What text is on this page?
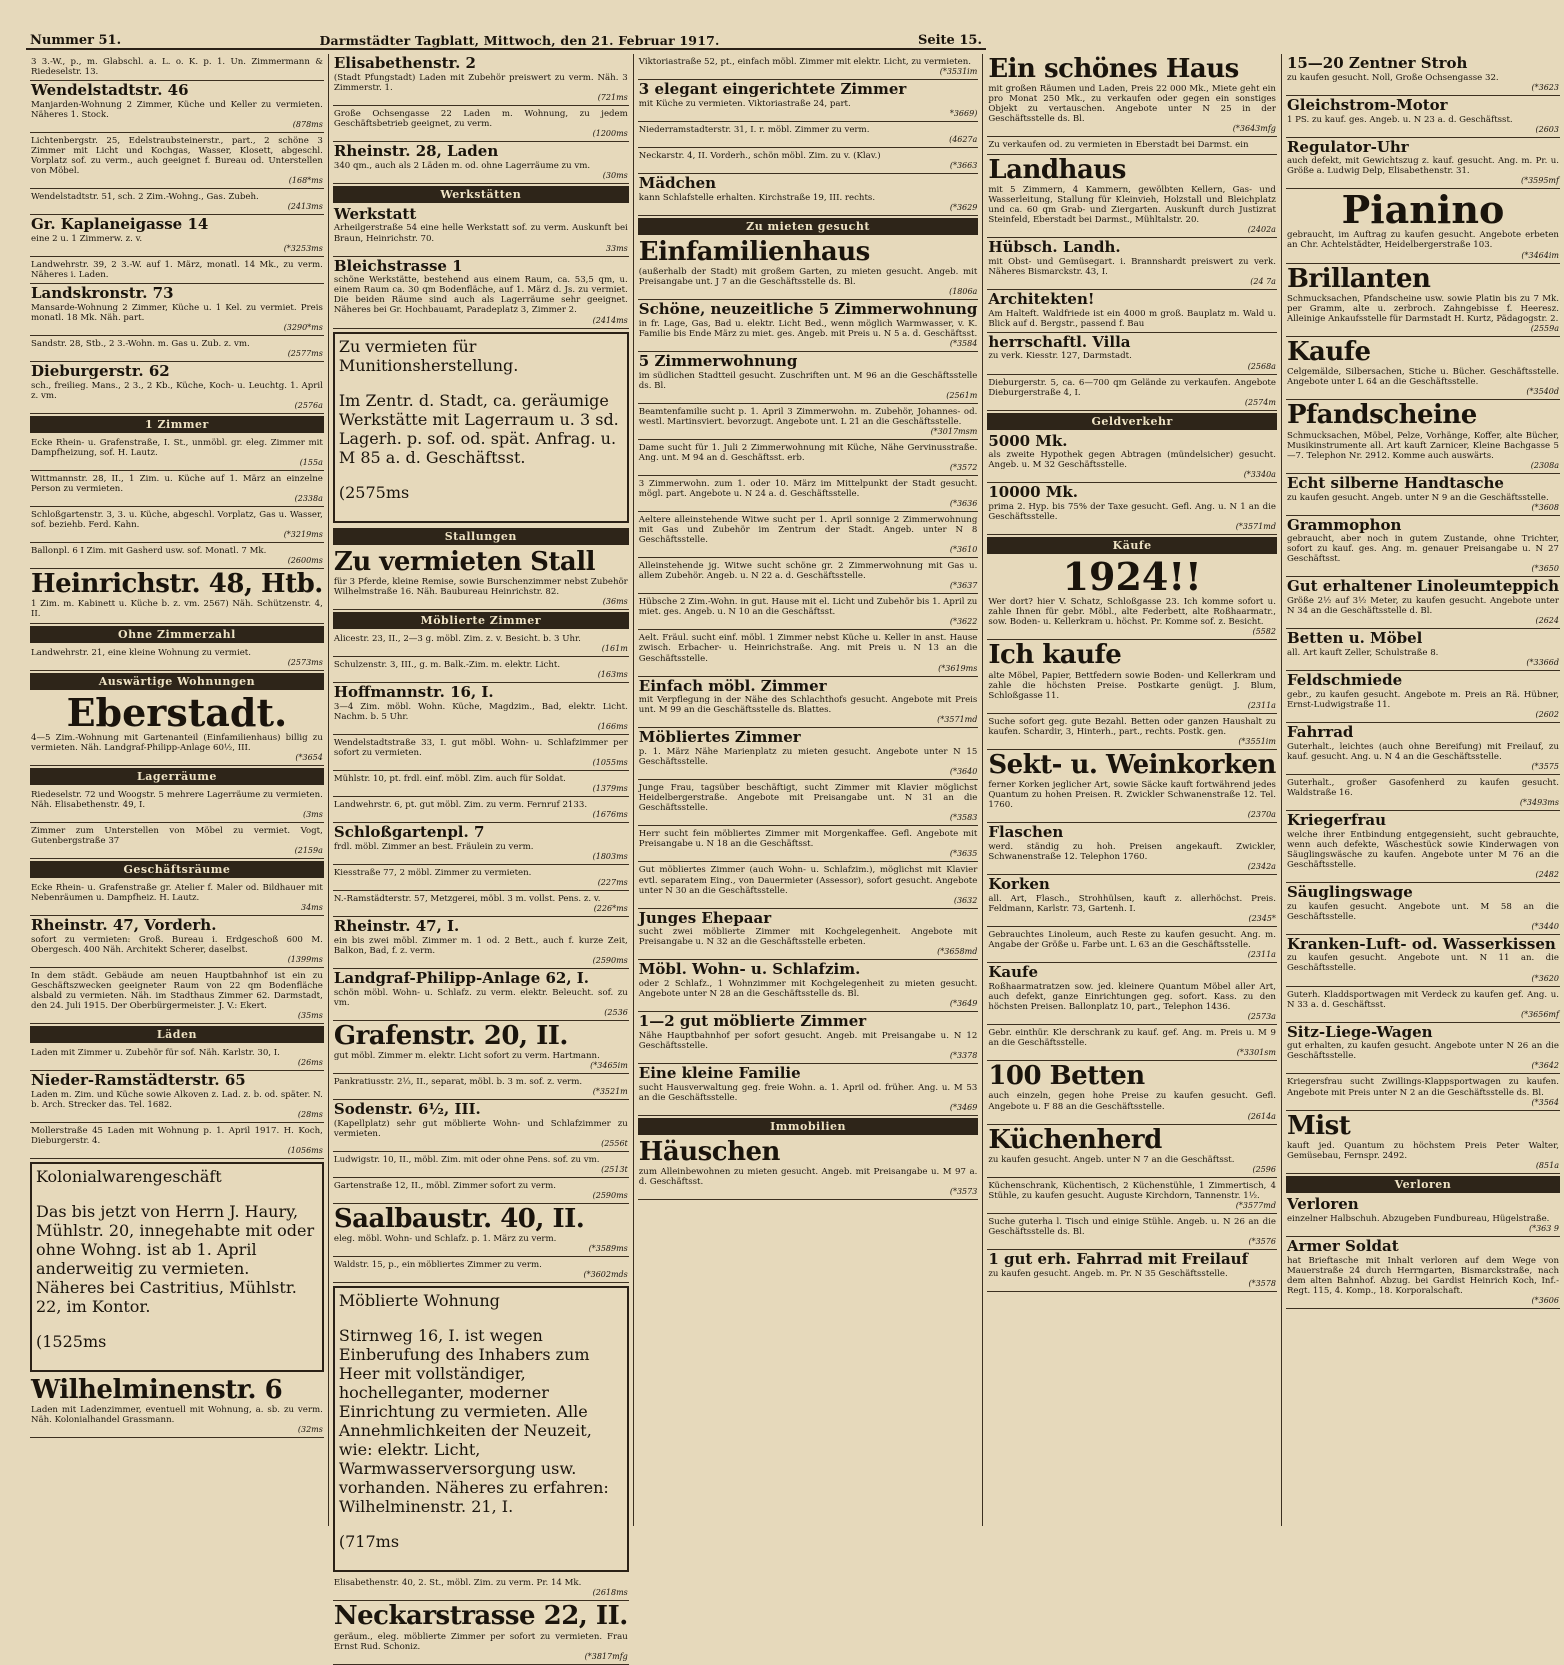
Nummer 51.	Darmstädter Tagblatt, Mittwoch, den 21. Februar 1917.	Seite 15.

3 3.-W., p., m. Glabschl. a. L. o. K. p. 1. Un. Zimmermann & Riedeselstr. 13.

Wendelstadtstr. 46

Manjarden-Wohnung 2 Zimmer, Küche und Keller zu vermieten. Näheres 1. Stock.

(878ms

Lichtenbergstr. 25, Edelstraubsteinerstr., part., 2 schöne 3 Zimmer mit Licht und Kochgas, Wasser, Klosett, abgeschl. Vorplatz sof. zu verm., auch geeignet f. Bureau od. Unterstellen von Möbel.

(168*ms

Wendelstadtstr. 51, sch. 2 Zim.-Wohng., Gas. Zubeh.

(2413ms

Gr. Kaplaneigasse 14

eine 2 u. 1 Zimmerw. z. v.

(*3253ms

Landwehrstr. 39, 2 3.-W. auf 1. März, monatl. 14 Mk., zu verm. Näheres i. Laden.

Landskronstr. 73

Mansarde-Wohnung 2 Zimmer, Küche u. 1 Kel. zu vermiet. Preis monatl. 18 Mk. Näh. part.

(3290*ms

Sandstr. 28, Stb., 2 3.-Wohn. m. Gas u. Zub. z. vm.

(2577ms

Dieburgerstr. 62

sch., freilieg. Mans., 2 3., 2 Kb., Küche, Koch- u. Leuchtg. 1. April z. vm.

(2576a

1 Zimmer

Ecke Rhein- u. Grafenstraße, I. St., unmöbl. gr. eleg. Zimmer mit Dampfheizung, sof. H. Lautz.

(155a

Wittmannstr. 28, II., 1 Zim. u. Küche auf 1. März an einzelne Person zu vermieten.

(2338a

Schloßgartenstr. 3, 3. u. Küche, abgeschl. Vorplatz, Gas u. Wasser, sof. beziehb. Ferd. Kahn.

(*3219ms

Ballonpl. 6 I Zim. mit Gasherd usw. sof. Monatl. 7 Mk.

(2600ms

Heinrichstr. 48, Htb.

1 Zim. m. Kabinett u. Küche b. z. vm. 2567) Näh. Schützenstr. 4, II.

Ohne Zimmerzahl

Landwehrstr. 21, eine kleine Wohnung zu vermiet.

(2573ms

Auswärtige Wohnungen
Eberstadt.

4—5 Zim.-Wohnung mit Gartenanteil (Einfamilienhaus) billig zu vermieten. Näh. Landgraf-Philipp-Anlage 60½, III.

(*3654

Lagerräume

Riedeselstr. 72 und Woogstr. 5 mehrere Lagerräume zu vermieten. Näh. Elisabethenstr. 49, I.

(3ms

Zimmer zum Unterstellen von Möbel zu vermiet. Vogt, Gutenbergstraße 37

(2159a

Geschäftsräume

Ecke Rhein- u. Grafenstraße gr. Atelier f. Maler od. Bildhauer mit Nebenräumen u. Dampfheiz. H. Lautz.

34ms

Rheinstr. 47, Vorderh.

sofort zu vermieten: Groß. Bureau i. Erdgeschoß 600 M. Obergesch. 400 Näh. Architekt Scherer, daselbst.

(1399ms

In dem städt. Gebäude am neuen Hauptbahnhof ist ein zu Geschäftszwecken geeigneter Raum von 22 qm Bodenfläche alsbald zu vermieten. Näh. im Stadthaus Zimmer 62. Darmstadt, den 24. Juli 1915. Der Oberbürgermeister. J. V.: Ekert.

(35ms

Läden

Laden mit Zimmer u. Zubehör für sof. Näh. Karlstr. 30, I.

(26ms

Nieder-Ramstädterstr. 65

Laden m. Zim. und Küche sowie Alkoven z. Lad. z. b. od. später. N. b. Arch. Strecker das. Tel. 1682.

(28ms

Mollerstraße 45 Laden mit Wohnung p. 1. April 1917. H. Koch, Dieburgerstr. 4.

(1056ms

Kolonialwarengeschäft

Das bis jetzt von Herrn J. Haury, Mühlstr. 20, innegehabte mit oder ohne Wohng. ist ab 1. April anderweitig zu vermieten. Näheres bei Castritius, Mühlstr. 22, im Kontor.

(1525ms

Wilhelminenstr. 6

Laden mit Ladenzimmer, eventuell mit Wohnung, a. sb. zu verm. Näh. Kolonialhandel Grassmann.

(32ms

Elisabethenstr. 2

(Stadt Pfungstadt) Laden mit Zubehör preiswert zu verm. Näh. 3 Zimmerstr. 1.

(721ms

Große Ochsengasse 22 Laden m. Wohnung, zu jedem Geschäftsbetrieb geeignet, zu verm.

(1200ms

Rheinstr. 28, Laden

340 qm., auch als 2 Läden m. od. ohne Lagerräume zu vm.

(30ms

Werkstätten
Werkstatt

Arheilgerstraße 54 eine helle Werkstatt sof. zu verm. Auskunft bei Braun, Heinrichstr. 70.

33ms

Bleichstrasse 1

schöne Werkstätte, bestehend aus einem Raum, ca. 53,5 qm, u. einem Raum ca. 30 qm Bodenfläche, auf 1. März d. Js. zu vermiet. Die beiden Räume sind auch als Lagerräume sehr geeignet. Näheres bei Gr. Hochbauamt, Paradeplatz 3, Zimmer 2.

(2414ms

Zu vermieten für Munitionsherstellung.

Im Zentr. d. Stadt, ca. geräumige Werkstätte mit Lagerraum u. 3 sd. Lagerh. p. sof. od. spät. Anfrag. u. M 85 a. d. Geschäftsst.

(2575ms

Stallungen
Zu vermieten Stall

für 3 Pferde, kleine Remise, sowie Burschenzimmer nebst Zubehör Wilhelmstraße 16. Näh. Baubureau Heinrichstr. 82.

(36ms

Möblierte Zimmer

Alicestr. 23, II., 2—3 g. möbl. Zim. z. v. Besicht. b. 3 Uhr.

(161m

Schulzenstr. 3, III., g. m. Balk.-Zim. m. elektr. Licht.

(163ms

Hoffmannstr. 16, I.

3—4 Zim. möbl. Wohn. Küche, Magdzim., Bad, elektr. Licht. Nachm. b. 5 Uhr.

(166ms

Wendelstadtstraße 33, I. gut möbl. Wohn- u. Schlafzimmer per sofort zu vermieten.

(1055ms

Mühlstr. 10, pt. frdl. einf. möbl. Zim. auch für Soldat.

(1379ms

Landwehrstr. 6, pt. gut möbl. Zim. zu verm. Fernruf 2133.

(1676ms

Schloßgartenpl. 7

frdl. möbl. Zimmer an best. Fräulein zu verm.

(1803ms

Kiesstraße 77, 2 möbl. Zimmer zu vermieten.

(227ms

N.-Ramstädterstr. 57, Metzgerei, möbl. 3 m. vollst. Pens. z. v.

(226*ms

Rheinstr. 47, I.

ein bis zwei möbl. Zimmer m. 1 od. 2 Bett., auch f. kurze Zeit, Balkon, Bad, f. z. verm.

(2590ms

Landgraf-Philipp-Anlage 62, I.

schön möbl. Wohn- u. Schlafz. zu verm. elektr. Beleucht. sof. zu vm.

(2536

Grafenstr. 20, II.

gut möbl. Zimmer m. elektr. Licht sofort zu verm. Hartmann.

(*3465im

Pankratiusstr. 2⅓, II., separat, möbl. b. 3 m. sof. z. verm.

(*3521m

Sodenstr. 6½, III.

(Kapellplatz) sehr gut möblierte Wohn- und Schlafzimmer zu vermieten.

(2556t

Ludwigstr. 10, II., möbl. Zim. mit oder ohne Pens. sof. zu vm.

(2513t

Gartenstraße 12, II., möbl. Zimmer sofort zu verm.

(2590ms

Saalbaustr. 40, II.

eleg. möbl. Wohn- und Schlafz. p. 1. März zu verm.

(*3589ms

Waldstr. 15, p., ein möbliertes Zimmer zu verm.

(*3602mds

Möblierte Wohnung

Stirnweg 16, I. ist wegen Einberufung des Inhabers zum Heer mit vollständiger, hochelleganter, moderner Einrichtung zu vermieten. Alle Annehmlichkeiten der Neuzeit, wie: elektr. Licht, Warmwasserversorgung usw. vorhanden. Näheres zu erfahren: Wilhelminenstr. 21, I.

(717ms

Elisabethenstr. 40, 2. St., möbl. Zim. zu verm. Pr. 14 Mk.

(2618ms

Neckarstrasse 22, II.

geräum., eleg. möblierte Zimmer per sofort zu vermieten. Frau Ernst Rud. Schoniz.

(*3817mfg

Viktoriastraße 52, pt., einfach möbl. Zimmer mit elektr. Licht, zu vermieten.

(*3531im

3 elegant eingerichtete Zimmer

mit Küche zu vermieten. Viktoriastraße 24, part.

*3669)

Niederramstadterstr. 31, I. r. möbl. Zimmer zu verm.

(4627a

Neckarstr. 4, II. Vorderh., schön möbl. Zim. zu v. (Klav.)

(*3663

Mädchen

kann Schlafstelle erhalten. Kirchstraße 19, III. rechts.

(*3629

Zu mieten gesucht
Einfamilienhaus

(außerhalb der Stadt) mit großem Garten, zu mieten gesucht. Angeb. mit Preisangabe unt. J 7 an die Geschäftsstelle ds. Bl.

(1806a

Schöne, neuzeitliche 5 Zimmerwohnung

in fr. Lage, Gas, Bad u. elektr. Licht Bed., wenn möglich Warmwasser, v. K. Familie bis Ende März zu miet. ges. Angeb. mit Preis u. N 5 a. d. Geschäftsst.

(*3584

5 Zimmerwohnung

im südlichen Stadtteil gesucht. Zuschriften unt. M 96 an die Geschäftsstelle ds. Bl.

(2561m

Beamtenfamilie sucht p. 1. April 3 Zimmerwohn. m. Zubehör, Johannes- od. westl. Martinsviert. bevorzugt. Angebote unt. L 21 an die Geschäftsstelle.

(*3017msm

Dame sucht für 1. Juli 2 Zimmerwohnung mit Küche, Nähe Gervinusstraße. Ang. unt. M 94 an d. Geschäftsst. erb.

(*3572

3 Zimmerwohn. zum 1. oder 10. März im Mittelpunkt der Stadt gesucht. mögl. part. Angebote u. N 24 a. d. Geschäftsstelle.

(*3636

Aeltere alleinstehende Witwe sucht per 1. April sonnige 2 Zimmerwohnung mit Gas und Zubehör im Zentrum der Stadt. Angeb. unter N 8 Geschäftsstelle.

(*3610

Alleinstehende jg. Witwe sucht schöne gr. 2 Zimmerwohnung mit Gas u. allem Zubehör. Angeb. u. N 22 a. d. Geschäftsstelle.

(*3637

Hübsche 2 Zim.-Wohn. in gut. Hause mit el. Licht und Zubehör bis 1. April zu miet. ges. Angeb. u. N 10 an die Geschäftsst.

(*3622

Aelt. Fräul. sucht einf. möbl. 1 Zimmer nebst Küche u. Keller in anst. Hause zwisch. Erbacher- u. Heinrichstraße. Ang. mit Preis u. N 13 an die Geschäftsstelle.

(*3619ms

Einfach möbl. Zimmer

mit Verpflegung in der Nähe des Schlachthofs gesucht. Angebote mit Preis unt. M 99 an die Geschäftsstelle ds. Blattes.

(*3571md

Möbliertes Zimmer

p. 1. März Nähe Marienplatz zu mieten gesucht. Angebote unter N 15 Geschäftsstelle.

(*3640

Junge Frau, tagsüber beschäftigt, sucht Zimmer mit Klavier möglichst Heidelbergerstraße. Angebote mit Preisangabe unt. N 31 an die Geschäftsstelle.

(*3583

Herr sucht fein möbliertes Zimmer mit Morgenkaffee. Gefl. Angebote mit Preisangabe u. N 18 an die Geschäftsst.

(*3635

Gut möbliertes Zimmer (auch Wohn- u. Schlafzim.), möglichst mit Klavier evtl. separatem Eing., von Dauermieter (Assessor), sofort gesucht. Angebote unter N 30 an die Geschäftsstelle.

(3632

Junges Ehepaar

sucht zwei möblierte Zimmer mit Kochgelegenheit. Angebote mit Preisangabe u. N 32 an die Geschäftsstelle erbeten.

(*3658md

Möbl. Wohn- u. Schlafzim.

oder 2 Schlafz., 1 Wohnzimmer mit Kochgelegenheit zu mieten gesucht. Angebote unter N 28 an die Geschäftsstelle ds. Bl.

(*3649

1—2 gut möblierte Zimmer

Nähe Hauptbahnhof per sofort gesucht. Angeb. mit Preisangabe u. N 12 Geschäftsstelle.

(*3378

Eine kleine Familie

sucht Hausverwaltung geg. freie Wohn. a. 1. April od. früher. Ang. u. M 53 an die Geschäftsstelle.

(*3469

Immobilien
Häuschen

zum Alleinbewohnen zu mieten gesucht. Angeb. mit Preisangabe u. M 97 a. d. Geschäftsst.

(*3573

Ein schönes Haus

mit großen Räumen und Laden, Preis 22 000 Mk., Miete geht ein pro Monat 250 Mk., zu verkaufen oder gegen ein sonstiges Objekt zu vertauschen. Angebote unter N 25 in der Geschäftsstelle ds. Bl.

(*3643mfg

Zu verkaufen od. zu vermieten in Eberstadt bei Darmst. ein

Landhaus

mit 5 Zimmern, 4 Kammern, gewölbten Kellern, Gas- und Wasserleitung, Stallung für Kleinvieh, Holzstall und Bleichplatz und ca. 60 qm Grab- und Ziergarten. Auskunft durch Justizrat Steinfeld, Eberstadt bei Darmst., Mühltalstr. 20.

(2402a

Hübsch. Landh.

mit Obst- und Gemüsegart. i. Brannshardt preiswert zu verk. Näheres Bismarckstr. 43, I.

(24 7a

Architekten!

Am Halteft. Waldfriede ist ein 4000 m groß. Bauplatz m. Wald u. Blick auf d. Bergstr., passend f. Bau

herrschaftl. Villa

zu verk. Kiesstr. 127, Darmstadt.

(2568a

Dieburgerstr. 5, ca. 6—700 qm Gelände zu verkaufen. Angebote Dieburgerstraße 4, I.

(2574m

Geldverkehr
5000 Mk.

als zweite Hypothek gegen Abtragen (mündelsicher) gesucht. Angeb. u. M 32 Geschäftsstelle.

(*3340a

10000 Mk.

prima 2. Hyp. bis 75% der Taxe gesucht. Gefl. Ang. u. N 1 an die Geschäftsstelle.

(*3571md

Käufe
1924!!

Wer dort? hier V. Schatz, Schloßgasse 23. Ich komme sofort u. zahle Ihnen für gebr. Möbl., alte Federbett, alte Roßhaarmatr., sow. Boden- u. Kellerkram u. höchst. Pr. Komme sof. z. Besicht.

(5582

Ich kaufe

alte Möbel, Papier, Bettfedern sowie Boden- und Kellerkram und zahle die höchsten Preise. Postkarte genügt. J. Blum, Schloßgasse 11.

(2311a

Suche sofort geg. gute Bezahl. Betten oder ganzen Haushalt zu kaufen. Schardir, 3, Hinterh., part., rechts. Postk. gen.

(*3551im

Sekt- u. Weinkorken

ferner Korken jeglicher Art, sowie Säcke kauft fortwährend jedes Quantum zu hohen Preisen. R. Zwickler Schwanenstraße 12. Tel. 1760.

(2370a

Flaschen

werd. ständig zu hoh. Preisen angekauft. Zwickler, Schwanenstraße 12. Telephon 1760.

(2342a

Korken

all. Art, Flasch., Strohhülsen, kauft z. allerhöchst. Preis. Feldmann, Karlstr. 73, Gartenh. I.

(2345*

Gebrauchtes Linoleum, auch Reste zu kaufen gesucht. Ang. m. Angabe der Größe u. Farbe unt. L 63 an die Geschäftsstelle.

(2311a

Kaufe

Roßhaarmatratzen sow. jed. kleinere Quantum Möbel aller Art, auch defekt, ganze Einrichtungen geg. sofort. Kass. zu den höchsten Preisen. Ballonplatz 10, part., Telephon 1436.

(2573a

Gebr. einthür. Kle derschrank zu kauf. gef. Ang. m. Preis u. M 9 an die Geschäftsstelle.

(*3301sm

100 Betten

auch einzeln, gegen hohe Preise zu kaufen gesucht. Gefl. Angebote u. F 88 an die Geschäftsstelle.

(2614a

Küchenherd

zu kaufen gesucht. Angeb. unter N 7 an die Geschäftsst.

(2596

Küchenschrank, Küchentisch, 2 Küchenstühle, 1 Zimmertisch, 4 Stühle, zu kaufen gesucht. Auguste Kirchdorn, Tannenstr. 1½.

(*3577md

Suche guterha l. Tisch und einige Stühle. Angeb. u. N 26 an die Geschäftsstelle ds. Bl.

(*3576

1 gut erh. Fahrrad mit Freilauf

zu kaufen gesucht. Angeb. m. Pr. N 35 Geschäftsstelle.

(*3578

15—20 Zentner Stroh

zu kaufen gesucht. Noll, Große Ochsengasse 32.

(*3623

Gleichstrom-Motor

1 PS. zu kauf. ges. Angeb. u. N 23 a. d. Geschäftsst.

(2603

Regulator-Uhr

auch defekt, mit Gewichtszug z. kauf. gesucht. Ang. m. Pr. u. Größe a. Ludwig Delp, Elisabethenstr. 31.

(*3595mf

Pianino

gebraucht, im Auftrag zu kaufen gesucht. Angebote erbeten an Chr. Achtelstädter, Heidelbergerstraße 103.

(*3464im

Brillanten

Schmucksachen, Pfandscheine usw. sowie Platin bis zu 7 Mk. per Gramm, alte u. zerbroch. Zahngebisse f. Heeresz. Alleinige Ankaufsstelle für Darmstadt H. Kurtz, Pädagogstr. 2.

(2559a

Kaufe

Celgemälde, Silbersachen, Stiche u. Bücher. Geschäftsstelle. Angebote unter L 64 an die Geschäftsstelle.

(*3540d

Pfandscheine

Schmucksachen, Möbel, Pelze, Vorhänge, Koffer, alte Bücher, Musikinstrumente all. Art kauft Zarnicer, Kleine Bachgasse 5—7. Telephon Nr. 2912. Komme auch auswärts.

(2308a

Echt silberne Handtasche

zu kaufen gesucht. Angeb. unter N 9 an die Geschäftsstelle.

(*3608

Grammophon

gebraucht, aber noch in gutem Zustande, ohne Trichter, sofort zu kauf. ges. Ang. m. genauer Preisangabe u. N 27 Geschäftsst.

(*3650

Gut erhaltener Linoleumteppich

Größe 2½ auf 3½ Meter, zu kaufen gesucht. Angebote unter N 34 an die Geschäftsstelle d. Bl.

(2624

Betten u. Möbel

all. Art kauft Zeller, Schulstraße 8.

(*3366d

Feldschmiede

gebr., zu kaufen gesucht. Angebote m. Preis an Rä. Hübner, Ernst-Ludwigstraße 11.

(2602

Fahrrad

Guterhalt., leichtes (auch ohne Bereifung) mit Freilauf, zu kauf. gesucht. Ang. u. N 4 an die Geschäftsstelle.

(*3575

Guterhalt., großer Gasofenherd zu kaufen gesucht. Waldstraße 16.

(*3493ms

Kriegerfrau

welche ihrer Entbindung entgegensieht, sucht gebrauchte, wenn auch defekte, Wäschestück sowie Kinderwagen von Säuglingswäsche zu kaufen. Angebote unter M 76 an die Geschäftsstelle.

(2482

Säuglingswage

zu kaufen gesucht. Angebote unt. M 58 an die Geschäftsstelle.

(*3440

Kranken-Luft- od. Wasserkissen

zu kaufen gesucht. Angebote unt. N 11 an. die Geschäftsstelle.

(*3620

Guterh. Kladdsportwagen mit Verdeck zu kaufen gef. Ang. u. N 33 a. d. Geschäftsst.

(*3656mf

Sitz-Liege-Wagen

gut erhalten, zu kaufen gesucht. Angebote unter N 26 an die Geschäftsstelle.

(*3642

Kriegersfrau sucht Zwillings-Klappsportwagen zu kaufen. Angebote mit Preis unter N 2 an die Geschäftsstelle ds. Bl.

(*3564

Mist

kauft jed. Quantum zu höchstem Preis Peter Walter, Gemüsebau, Fernspr. 2492.

(851a

Verloren
Verloren

einzelner Halbschuh. Abzugeben Fundbureau, Hügelstraße.

(*363 9

Armer Soldat

hat Brieftasche mit Inhalt verloren auf dem Wege von Mauerstraße 24 durch Herrngarten, Bismarckstraße, nach dem alten Bahnhof. Abzug. bei Gardist Heinrich Koch, Inf.-Regt. 115, 4. Komp., 18. Korporalschaft.

(*3606
